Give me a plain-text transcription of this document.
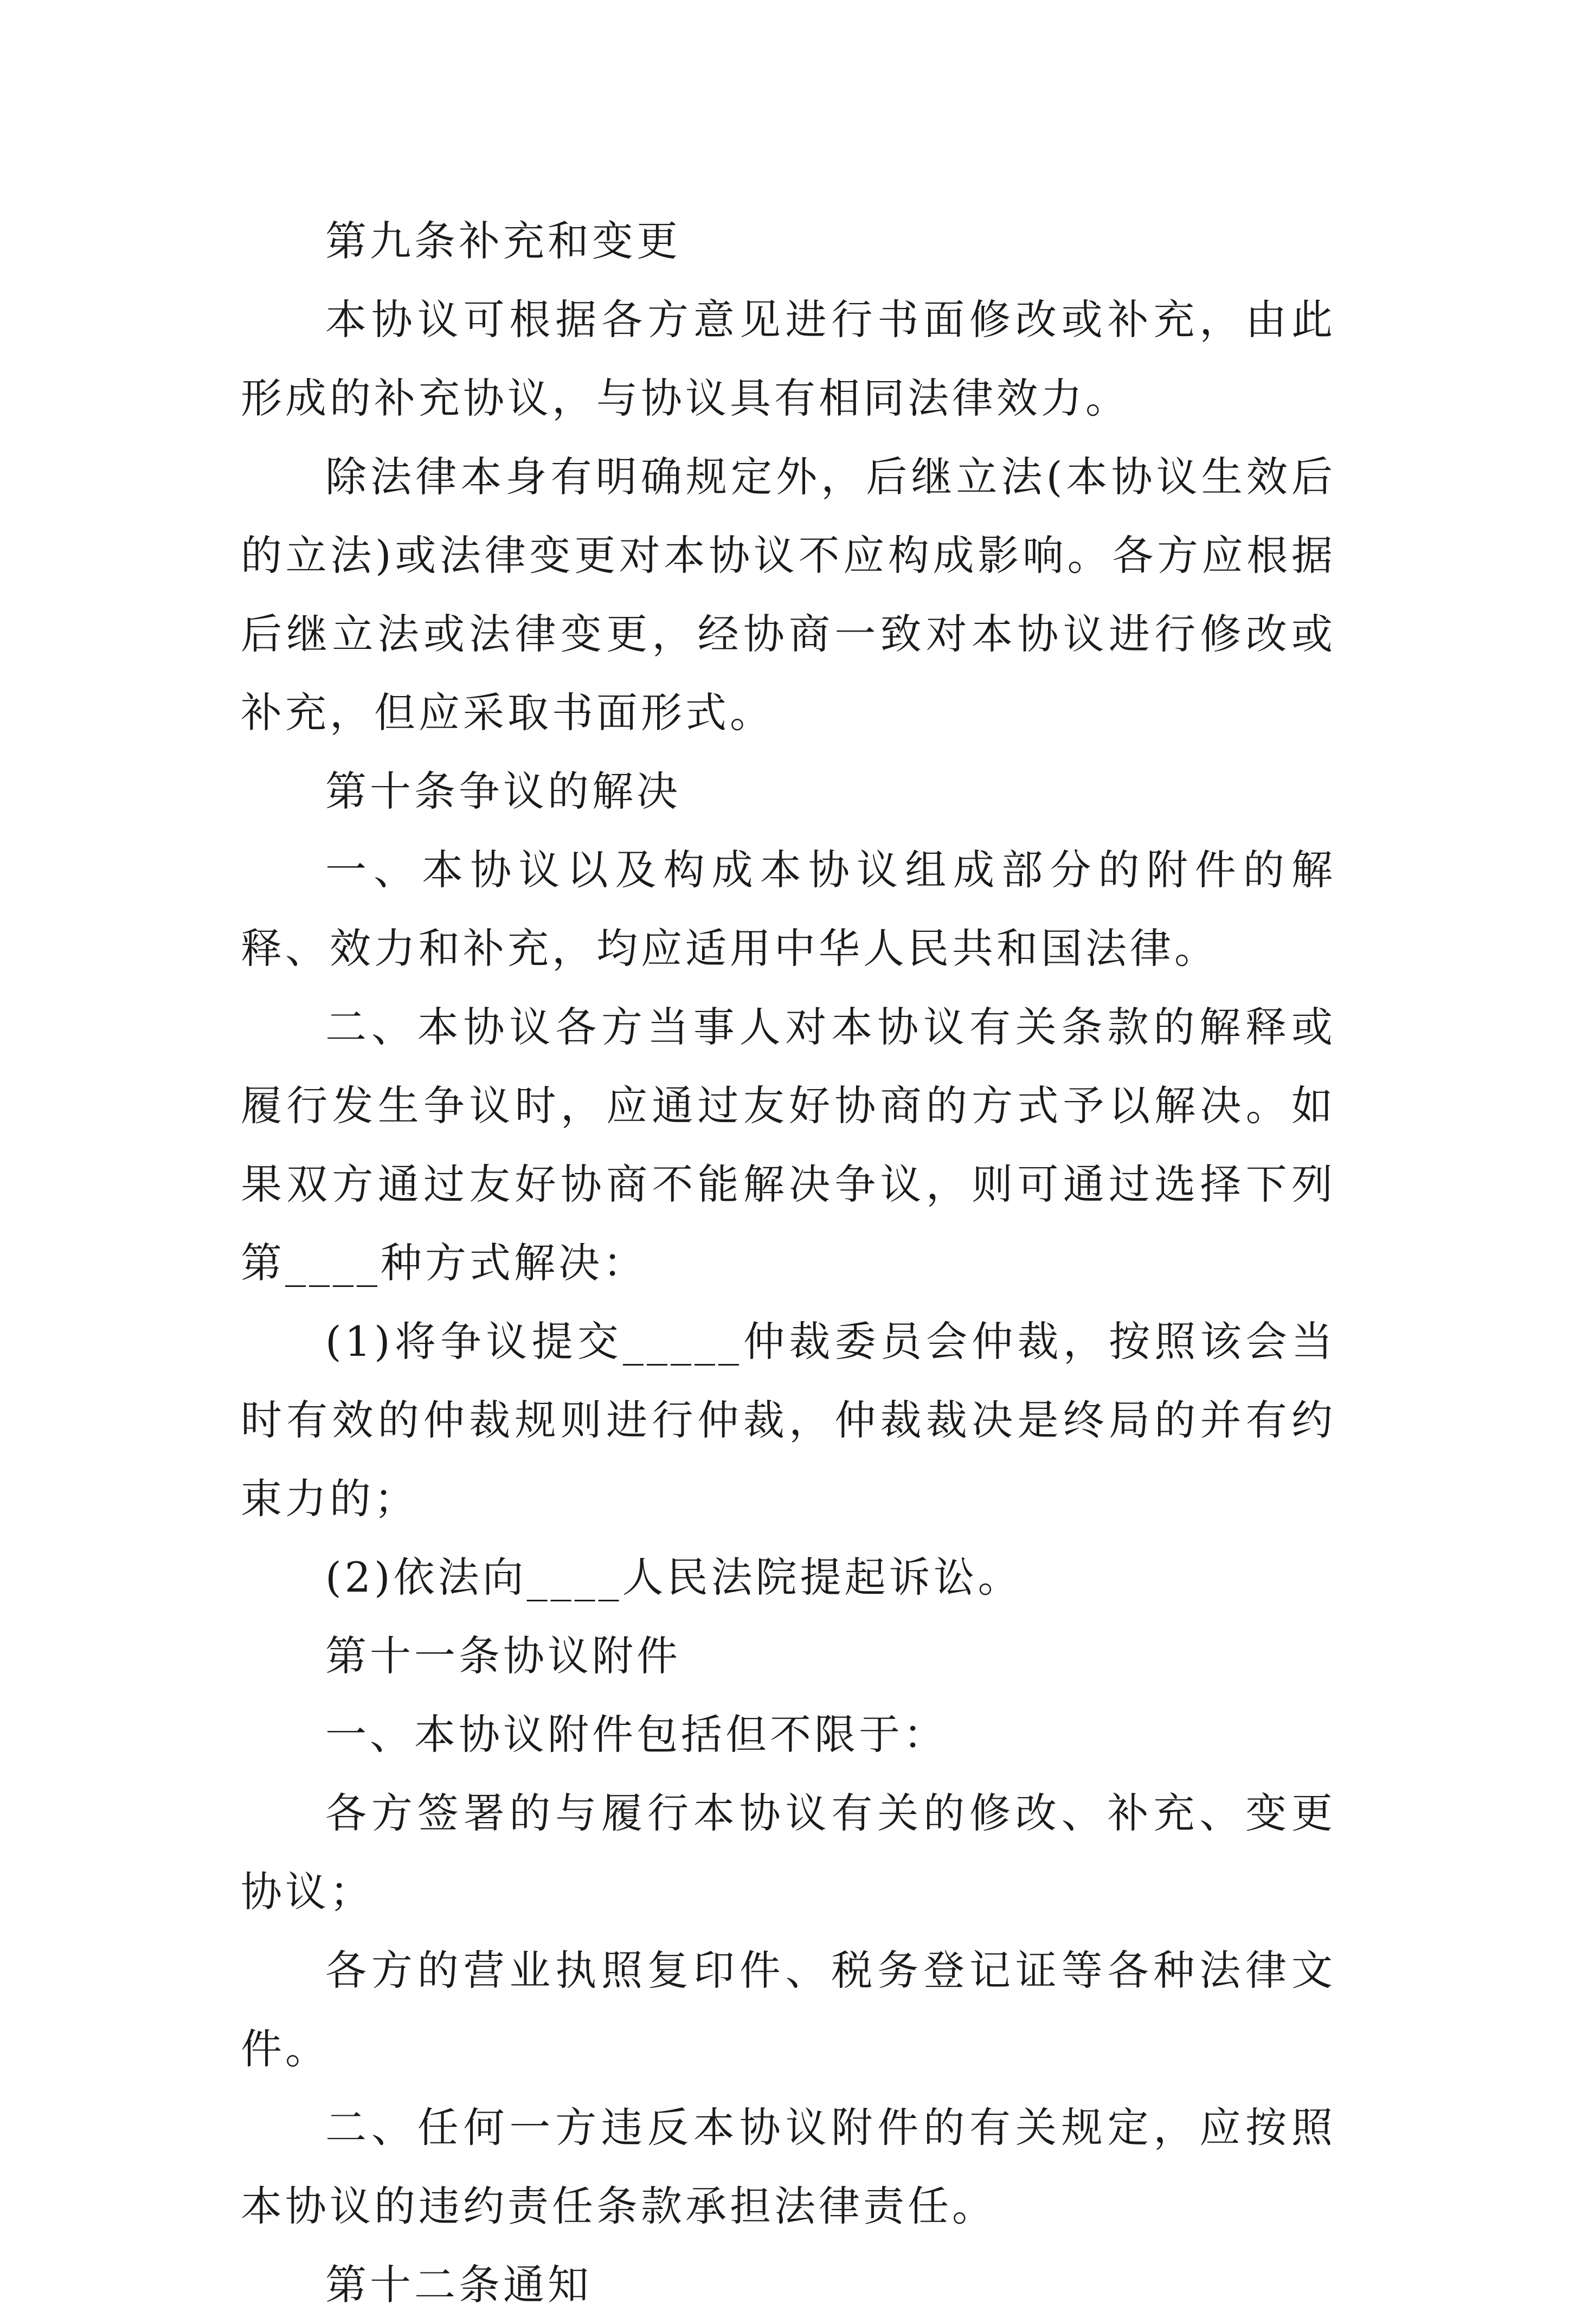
第九条补充和变更

本协议可根据各方意见进行书面修改或补充，由此形成的补充协议，与协议具有相同法律效力。

除法律本身有明确规定外，后继立法(本协议生效后的立法)或法律变更对本协议不应构成影响。各方应根据后继立法或法律变更，经协商一致对本协议进行修改或补充，但应采取书面形式。

第十条争议的解决

一、本协议以及构成本协议组成部分的附件的解释、效力和补充，均应适用中华人民共和国法律。

二、本协议各方当事人对本协议有关条款的解释或履行发生争议时，应通过友好协商的方式予以解决。如果双方通过友好协商不能解决争议，则可通过选择下列第____种方式解决：

(1)将争议提交_____仲裁委员会仲裁，按照该会当时有效的仲裁规则进行仲裁，仲裁裁决是终局的并有约束力的；

(2)依法向____人民法院提起诉讼。

第十一条协议附件

一、本协议附件包括但不限于：

各方签署的与履行本协议有关的修改、补充、变更协议；

各方的营业执照复印件、税务登记证等各种法律文件。

二、任何一方违反本协议附件的有关规定，应按照本协议的违约责任条款承担法律责任。

第十二条通知
